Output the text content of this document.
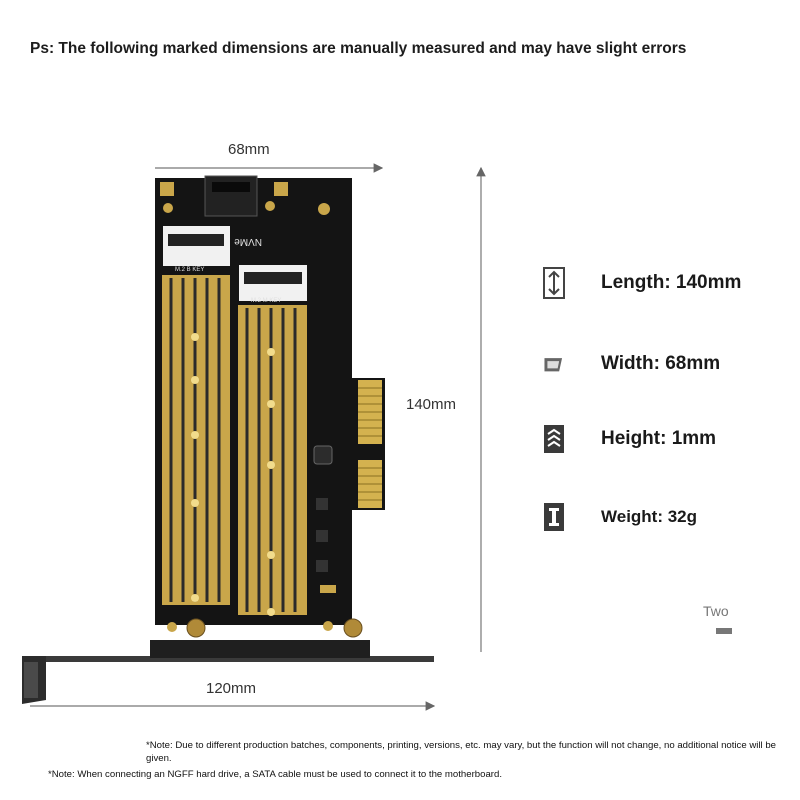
Ps: The following marked dimensions are manually measured and may have slight errors
NVMe
M.2 B KEY
M.2 M KEY
68mm
140mm
120mm
Length: 140mm
Width: 68mm
Height: 1mm
Weight: 32g
Two
*Note: Due to different production batches, components, printing, versions, etc. may vary, but the function will not change, no additional notice will be given.
*Note: When connecting an NGFF hard drive, a SATA cable must be used to connect it to the motherboard.
